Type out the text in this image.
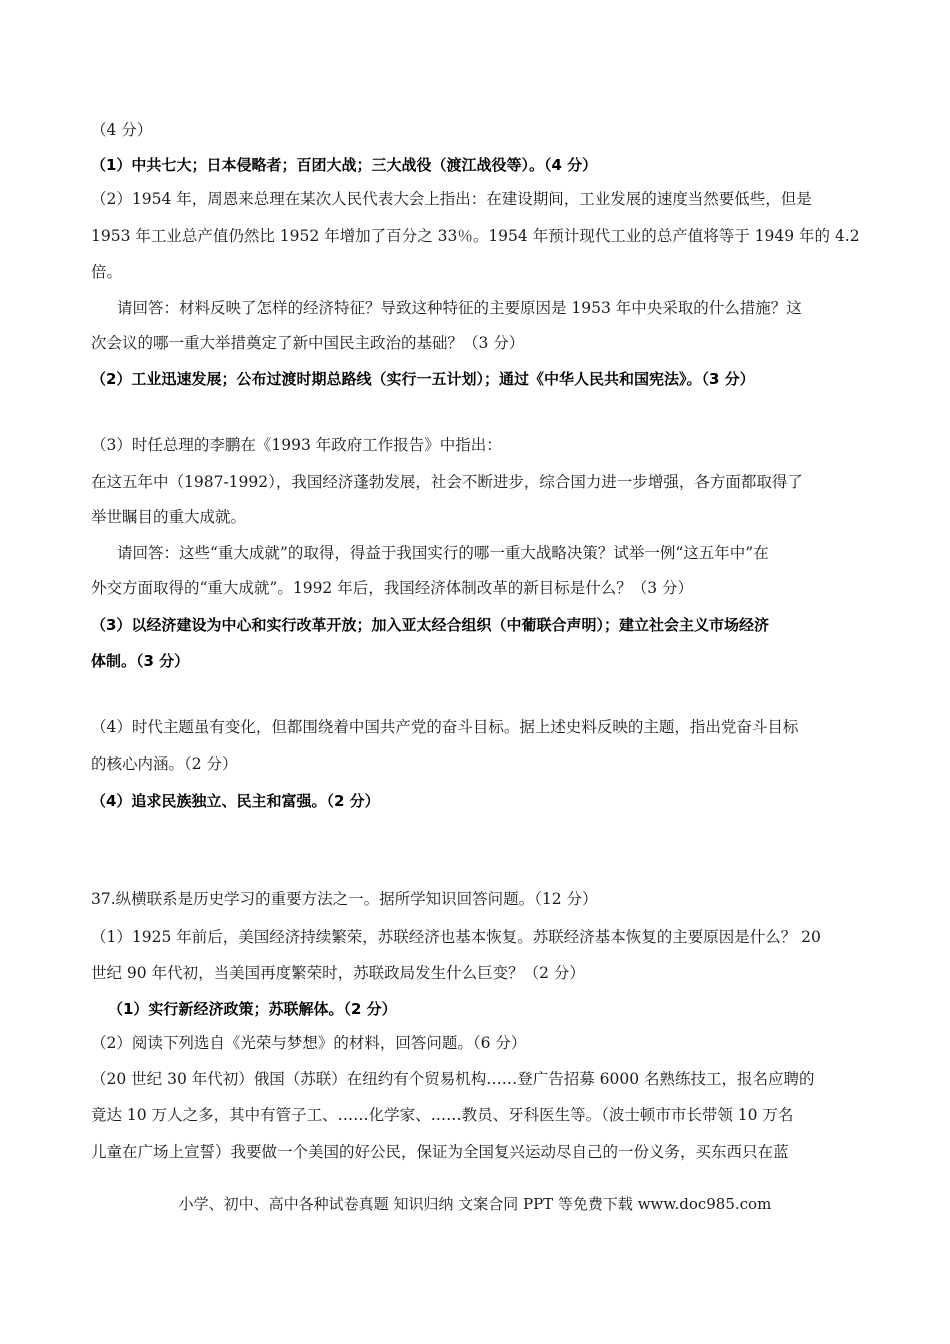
（4 分）
（1）中共七大；日本侵略者；百团大战；三大战役（渡江战役等）。（4 分）
（2）1954 年，周恩来总理在某次人民代表大会上指出：在建设期间，工业发展的速度当然要低些，但是
1953 年工业总产值仍然比 1952 年增加了百分之 33％。1954 年预计现代工业的总产值将等于 1949 年的 4.2
倍。
请回答：材料反映了怎样的经济特征？导致这种特征的主要原因是 1953 年中央采取的什么措施？这
次会议的哪一重大举措奠定了新中国民主政治的基础？（3 分）
（2）工业迅速发展；公布过渡时期总路线（实行一五计划）；通过《中华人民共和国宪法》。（3 分）
（3）时任总理的李鹏在《1993 年政府工作报告》中指出：
在这五年中（1987-1992），我国经济蓬勃发展，社会不断进步，综合国力进一步增强，各方面都取得了
举世瞩目的重大成就。
请回答：这些“重大成就”的取得，得益于我国实行的哪一重大战略决策？试举一例“这五年中”在
外交方面取得的“重大成就”。1992 年后，我国经济体制改革的新目标是什么？（3 分）
（3）以经济建设为中心和实行改革开放；加入亚太经合组织（中葡联合声明）；建立社会主义市场经济
体制。（3 分）
（4）时代主题虽有变化，但都围绕着中国共产党的奋斗目标。据上述史料反映的主题，指出党奋斗目标
的核心内涵。（2 分）
（4）追求民族独立、民主和富强。（2 分）
37.纵横联系是历史学习的重要方法之一。据所学知识回答问题。（12 分）
（1）1925 年前后，美国经济持续繁荣，苏联经济也基本恢复。苏联经济基本恢复的主要原因是什么？ 20
世纪 90 年代初，当美国再度繁荣时，苏联政局发生什么巨变？（2 分）
（1）实行新经济政策；苏联解体。（2 分）
（2）阅读下列选自《光荣与梦想》的材料，回答问题。（6 分）
（20 世纪 30 年代初）俄国（苏联）在纽约有个贸易机构……登广告招募 6000 名熟练技工，报名应聘的
竟达 10 万人之多，其中有管子工、……化学家、……教员、牙科医生等。（波士顿市市长带领 10 万名
儿童在广场上宣誓）我要做一个美国的好公民，保证为全国复兴运动尽自己的一份义务，买东西只在蓝
小学、初中、高中各种试卷真题 知识归纳 文案合同 PPT 等免费下载 www.doc985.com
